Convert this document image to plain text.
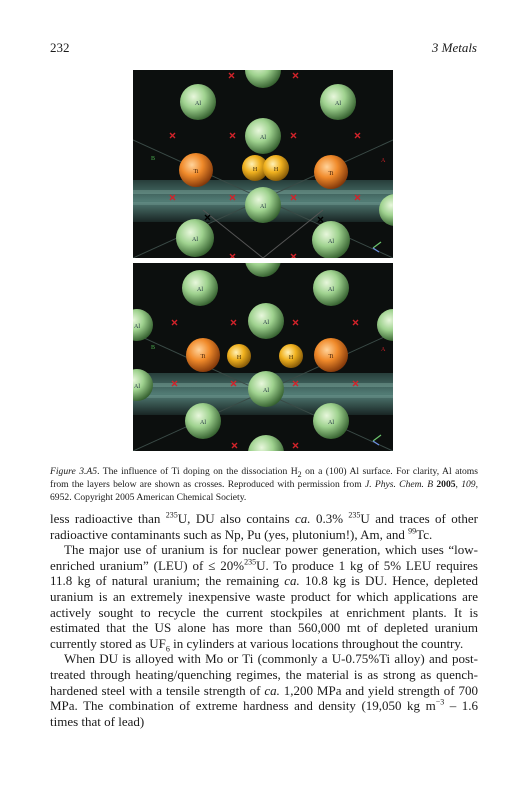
232	3 Metals
Al	Al
Al
Al
Al	Al
Ti	Ti
H	H
B	A
Al	Al
Al
Al
Al
Al
Al	Al
Ti	Ti
H	H
B	A
Figure 3.A5. The influence of Ti doping on the dissociation $H_2$ on a (100) Al surface. For clarity, Al atoms from the layers below are shown as crosses. Reproduced with permission from J. Phys. Chem. B 2005, 109, 6952. Copyright 2005 American Chemical Society.

less radioactive than $^{235}$U, DU also contains ca. 0.3% $^{235}$U and traces of other radioactive contaminants such as Np, Pu (yes, plutonium!), Am, and $^{99}$Tc.

The major use of uranium is for nuclear power generation, which uses “low-enriched uranium” (LEU) of ≤ 20%$^{235}$U. To produce 1 kg of 5% LEU requires 11.8 kg of natural uranium; the remaining ca. 10.8 kg is DU. Hence, depleted uranium is an extremely inexpensive waste product for which applications are actively sought to recycle the current stockpiles at enrichment plants. It is estimated that the US alone has more than 560,000 mt of depleted uranium currently stored as $UF_6$ in cylinders at various locations throughout the country.

When DU is alloyed with Mo or Ti (commonly a U-0.75%Ti alloy) and post-treated through heating/quenching regimes, the material is as strong as quench-hardened steel with a tensile strength of ca. 1,200 MPa and yield strength of 700 MPa. The combination of extreme hardness and density (19,050 kg $m^{-3} - 1.6$ times that of lead)
